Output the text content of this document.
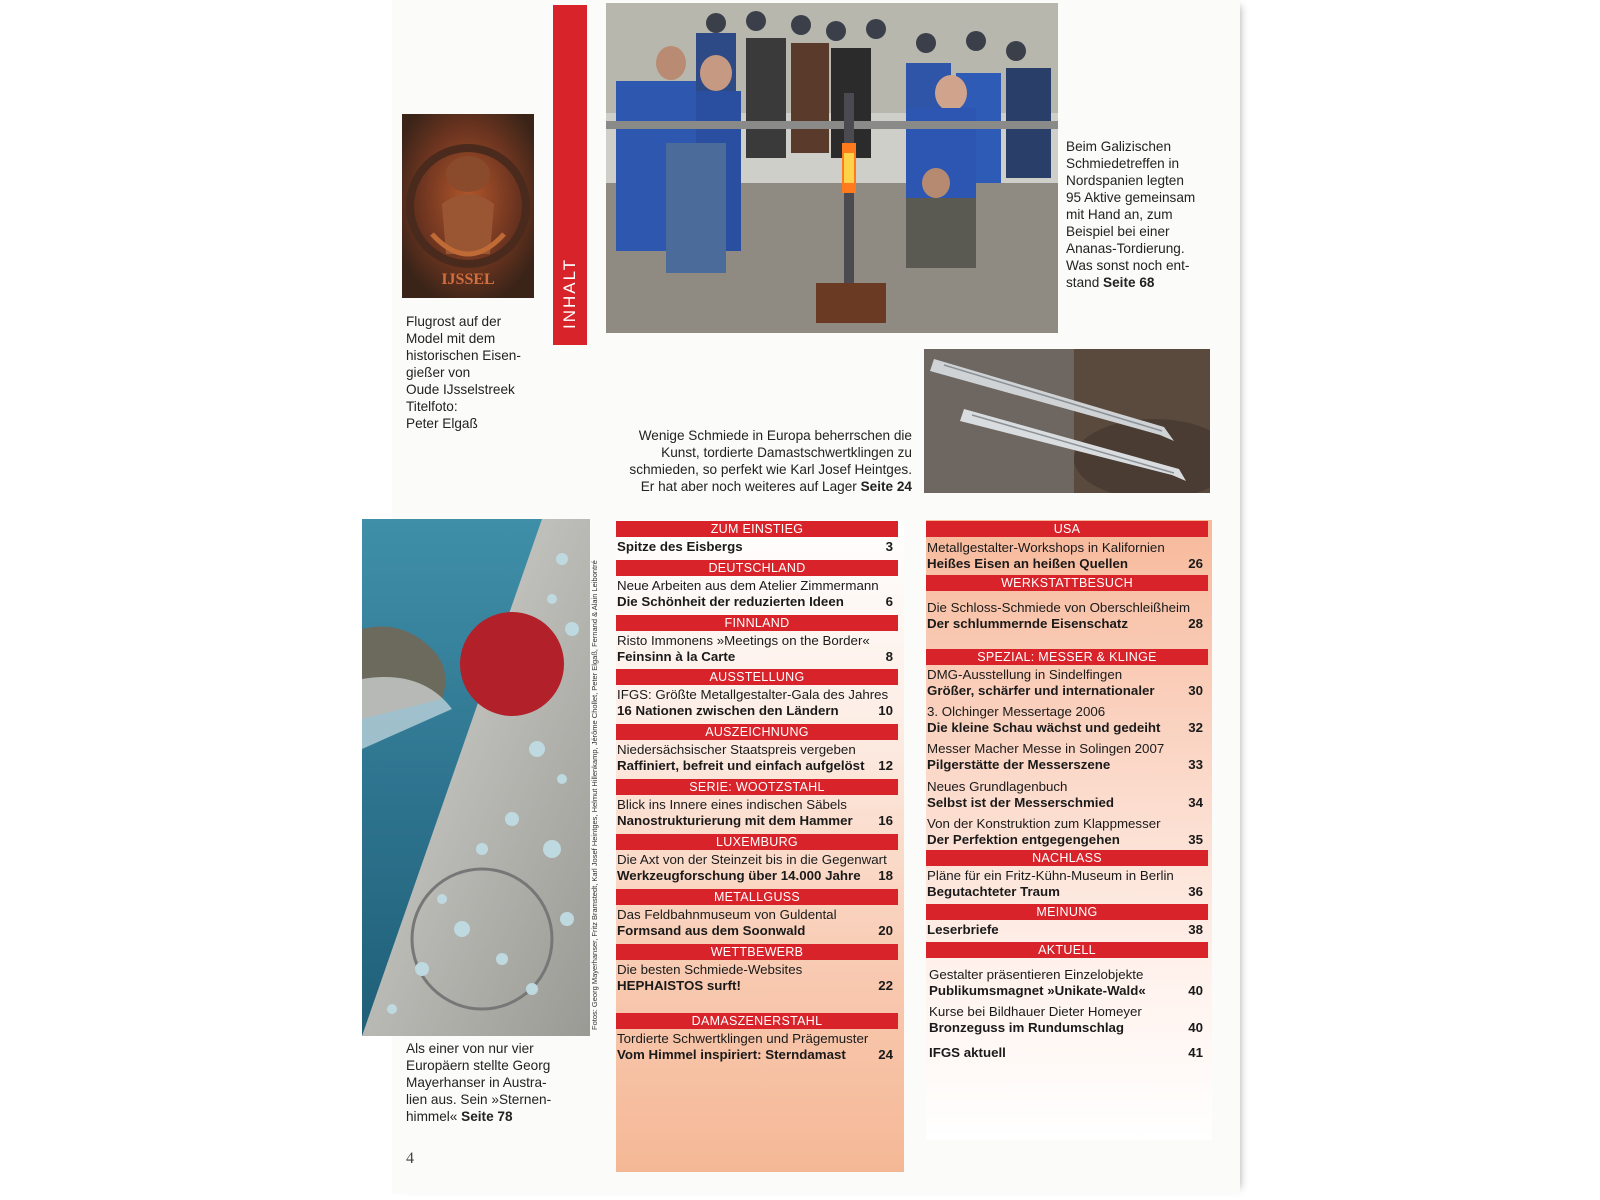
IJSSEL
Flugrost auf der
Model mit dem
historischen Eisen-
gießer von
Oude IJsselstreek
Titelfoto:
Peter Elgaß
INHALT
Beim Galizischen
Schmiedetreffen in
Nordspanien legten
95 Aktive gemeinsam
mit Hand an, zum
Beispiel bei einer
Ananas-Tordierung.
Was sonst noch ent-
stand Seite 68
Wenige Schmiede in Europa beherrschen die
Kunst, tordierte Damastschwertklingen zu
schmieden, so perfekt wie Karl Josef Heintges.
Er hat aber noch weiteres auf Lager Seite 24
Fotos: Georg Mayerhanser, Fritz Bramstedt, Karl Josef Heintges, Helmut Hillenkamp, Jérôme Chollet, Peter Elgaß, Fernand & Alain Leibontré
Als einer von nur vier
Europäern stellte Georg
Mayerhanser in Austra-
lien aus. Sein »Sternen-
himmel« Seite 78
ZUM EINSTIEG
Spitze des Eisbergs	3
DEUTSCHLAND
Neue Arbeiten aus dem Atelier Zimmermann
Die Schönheit der reduzierten Ideen	6
FINNLAND
Risto Immonens »Meetings on the Border«
Feinsinn à la Carte	8
AUSSTELLUNG
IFGS: Größte Metallgestalter-Gala des Jahres
16 Nationen zwischen den Ländern	10
AUSZEICHNUNG
Niedersächsischer Staatspreis vergeben
Raffiniert, befreit und einfach aufgelöst	12
SERIE: WOOTZSTAHL
Blick ins Innere eines indischen Säbels
Nanostrukturierung mit dem Hammer	16
LUXEMBURG
Die Axt von der Steinzeit bis in die Gegenwart
Werkzeugforschung über 14.000 Jahre	18
METALLGUSS
Das Feldbahnmuseum von Guldental
Formsand aus dem Soonwald	20
WETTBEWERB
Die besten Schmiede-Websites
HEPHAISTOS surft!	22
DAMASZENERSTAHL
Tordierte Schwertklingen und Prägemuster
Vom Himmel inspiriert: Sterndamast	24
USA
Metallgestalter-Workshops in Kalifornien
Heißes Eisen an heißen Quellen	26
WERKSTATTBESUCH
Die Schloss-Schmiede von Oberschleißheim
Der schlummernde Eisenschatz	28
SPEZIAL: MESSER & KLINGE
DMG-Ausstellung in Sindelfingen
Größer, schärfer und internationaler	30
3. Olchinger Messertage 2006
Die kleine Schau wächst und gedeiht	32
Messer Macher Messe in Solingen 2007
Pilgerstätte der Messerszene	33
Neues Grundlagenbuch
Selbst ist der Messerschmied	34
Von der Konstruktion zum Klappmesser
Der Perfektion entgegengehen	35
NACHLASS
Pläne für ein Fritz-Kühn-Museum in Berlin
Begutachteter Traum	36
MEINUNG
Leserbriefe	38
AKTUELL
Gestalter präsentieren Einzelobjekte
Publikumsmagnet »Unikate-Wald«	40
Kurse bei Bildhauer Dieter Homeyer
Bronzeguss im Rundumschlag	40
IFGS aktuell	41
4
